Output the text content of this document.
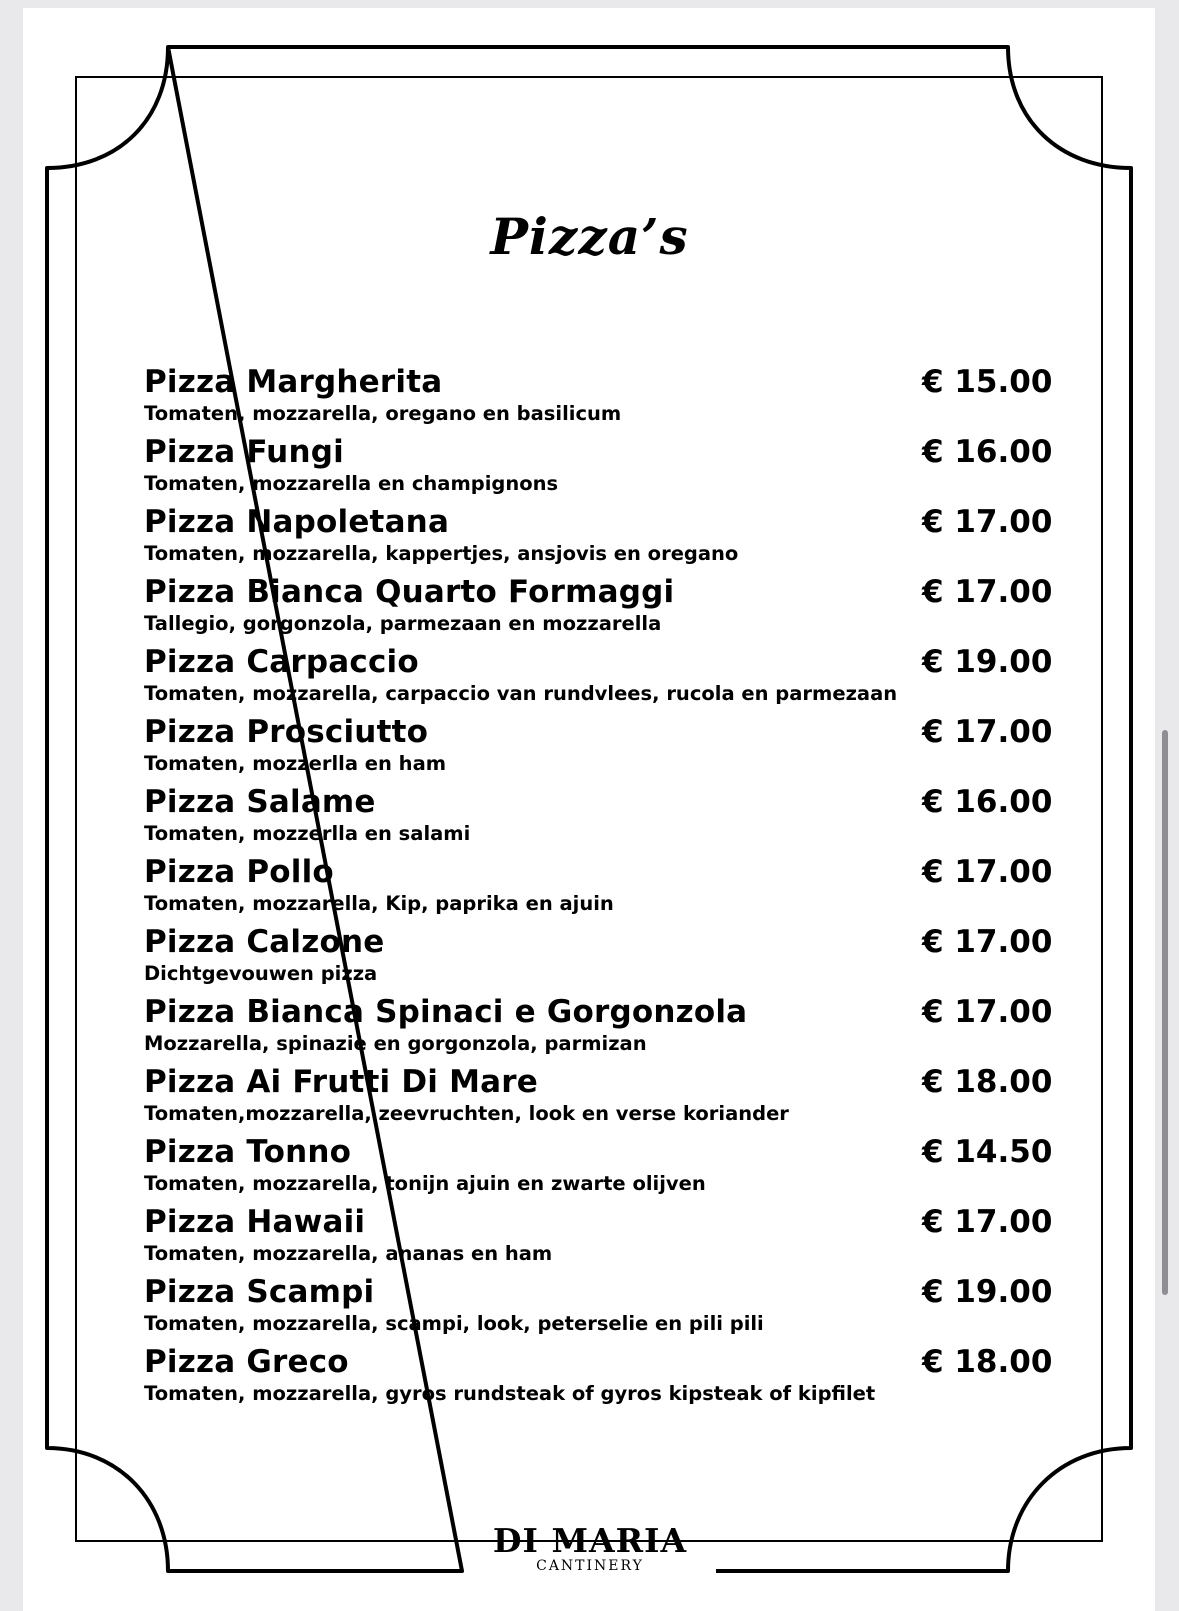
Pizza’s
Pizza Margherita
Tomaten, mozzarella, oregano en basilicum
€ 15.00
Pizza Fungi
Tomaten, mozzarella en champignons
€ 16.00
Pizza Napoletana
Tomaten, mozzarella, kappertjes, ansjovis en oregano
€ 17.00
Pizza Bianca Quarto Formaggi
Tallegio, gorgonzola, parmezaan en mozzarella
€ 17.00
Pizza Carpaccio
Tomaten, mozzarella, carpaccio van rundvlees, rucola en parmezaan
€ 19.00
Pizza Prosciutto
Tomaten, mozzerlla en ham
€ 17.00
Pizza Salame
Tomaten, mozzerlla en salami
€ 16.00
Pizza Pollo
Tomaten, mozzarella, Kip, paprika en ajuin
€ 17.00
Pizza Calzone
Dichtgevouwen pizza
€ 17.00
Pizza Bianca Spinaci e Gorgonzola
Mozzarella, spinazie en gorgonzola, parmizan
€ 17.00
Pizza Ai Frutti Di Mare
Tomaten,mozzarella, zeevruchten, look en verse koriander
€ 18.00
Pizza Tonno
Tomaten, mozzarella, tonijn ajuin en zwarte olijven
€ 14.50
Pizza Hawaii
Tomaten, mozzarella, ananas en ham
€ 17.00
Pizza Scampi
Tomaten, mozzarella, scampi, look, peterselie en pili pili
€ 19.00
Pizza Greco
Tomaten, mozzarella, gyros rundsteak of gyros kipsteak of kipfilet
€ 18.00
DI MARIA
CANTINERY
